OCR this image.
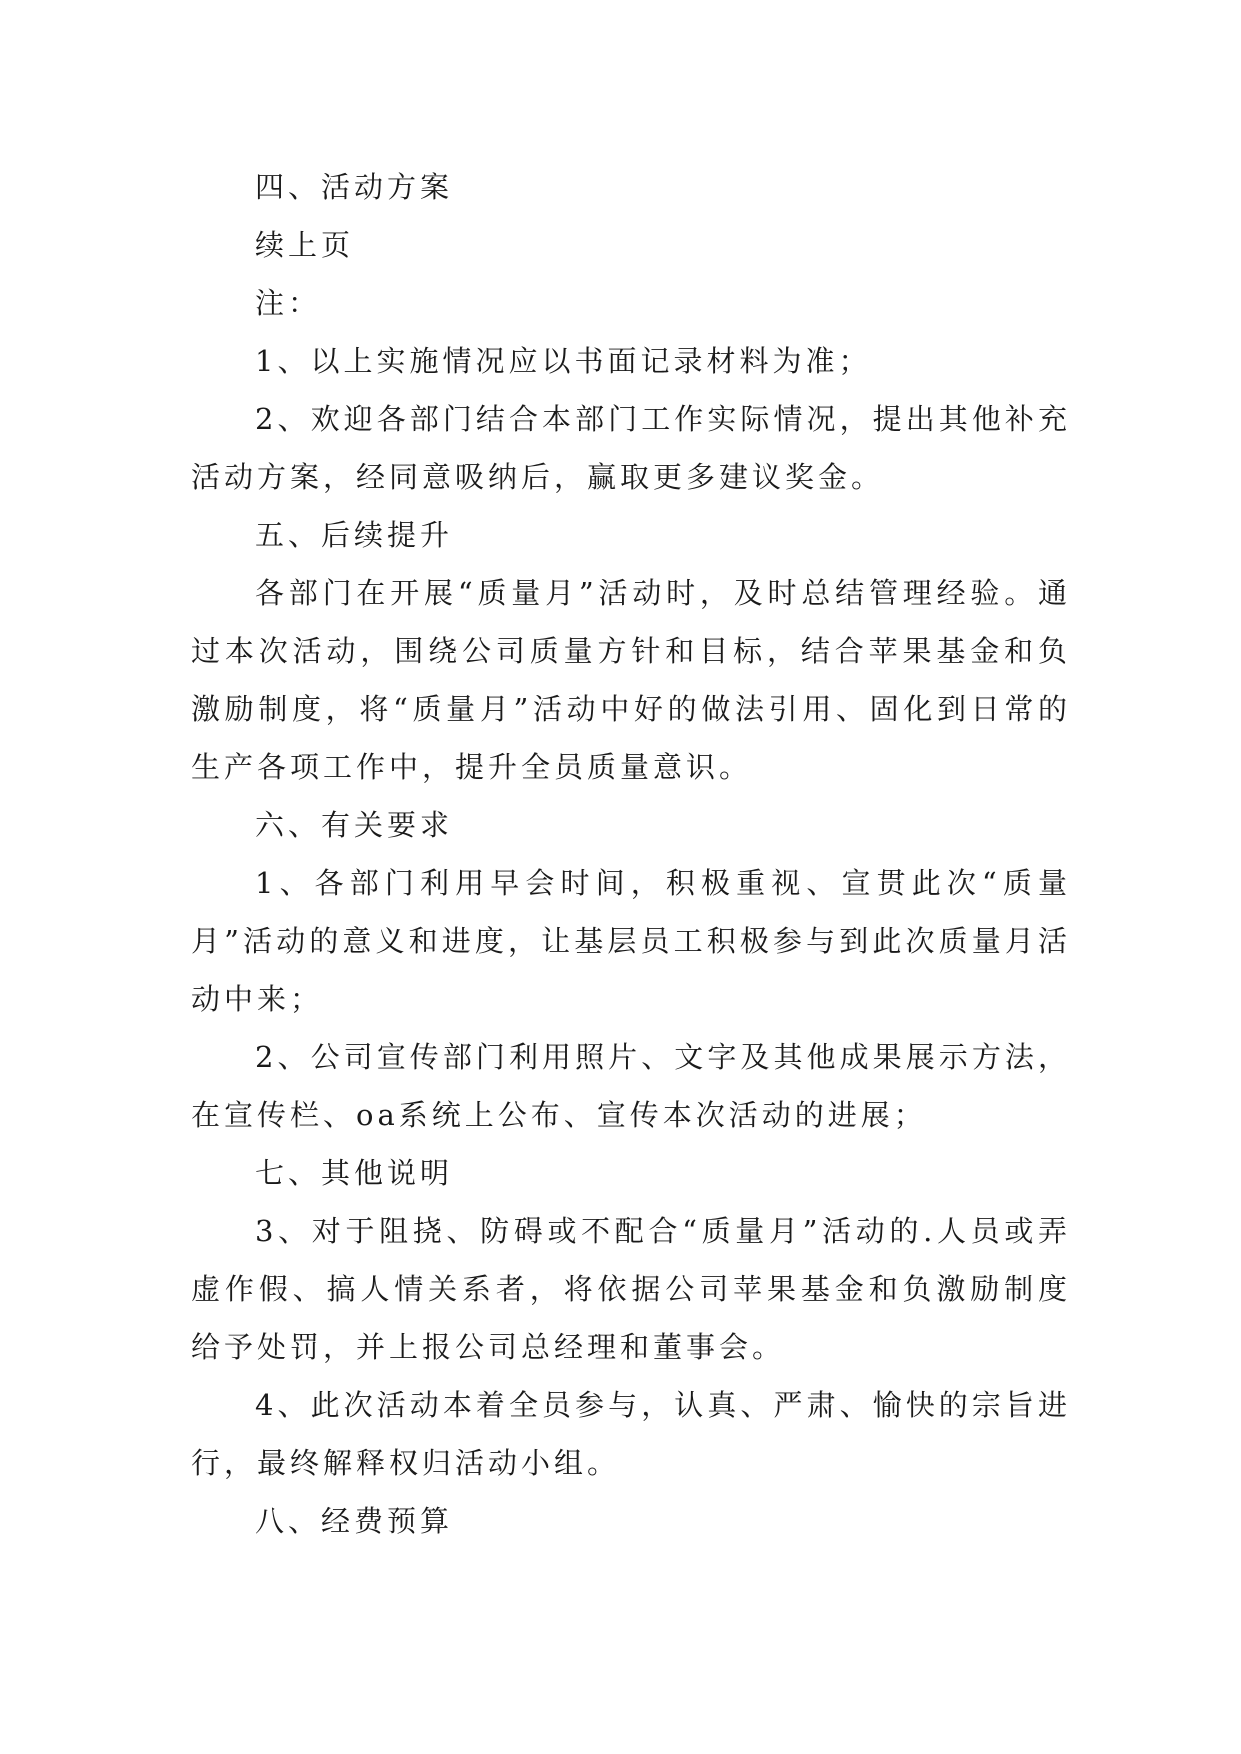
四、活动方案

续上页

注：

1、以上实施情况应以书面记录材料为准；

2、欢迎各部门结合本部门工作实际情况，提出其他补充活动方案，经同意吸纳后，赢取更多建议奖金。

五、后续提升

各部门在开展“质量月”活动时，及时总结管理经验。通过本次活动，围绕公司质量方针和目标，结合苹果基金和负激励制度，将“质量月”活动中好的做法引用、固化到日常的生产各项工作中，提升全员质量意识。

六、有关要求

1、各部门利用早会时间，积极重视、宣贯此次“质量月”活动的意义和进度，让基层员工积极参与到此次质量月活动中来；

2、公司宣传部门利用照片、文字及其他成果展示方法，在宣传栏、oa系统上公布、宣传本次活动的进展；

七、其他说明

3、对于阻挠、防碍或不配合“质量月”活动的.人员或弄虚作假、搞人情关系者，将依据公司苹果基金和负激励制度给予处罚，并上报公司总经理和董事会。

4、此次活动本着全员参与，认真、严肃、愉快的宗旨进行，最终解释权归活动小组。

八、经费预算
